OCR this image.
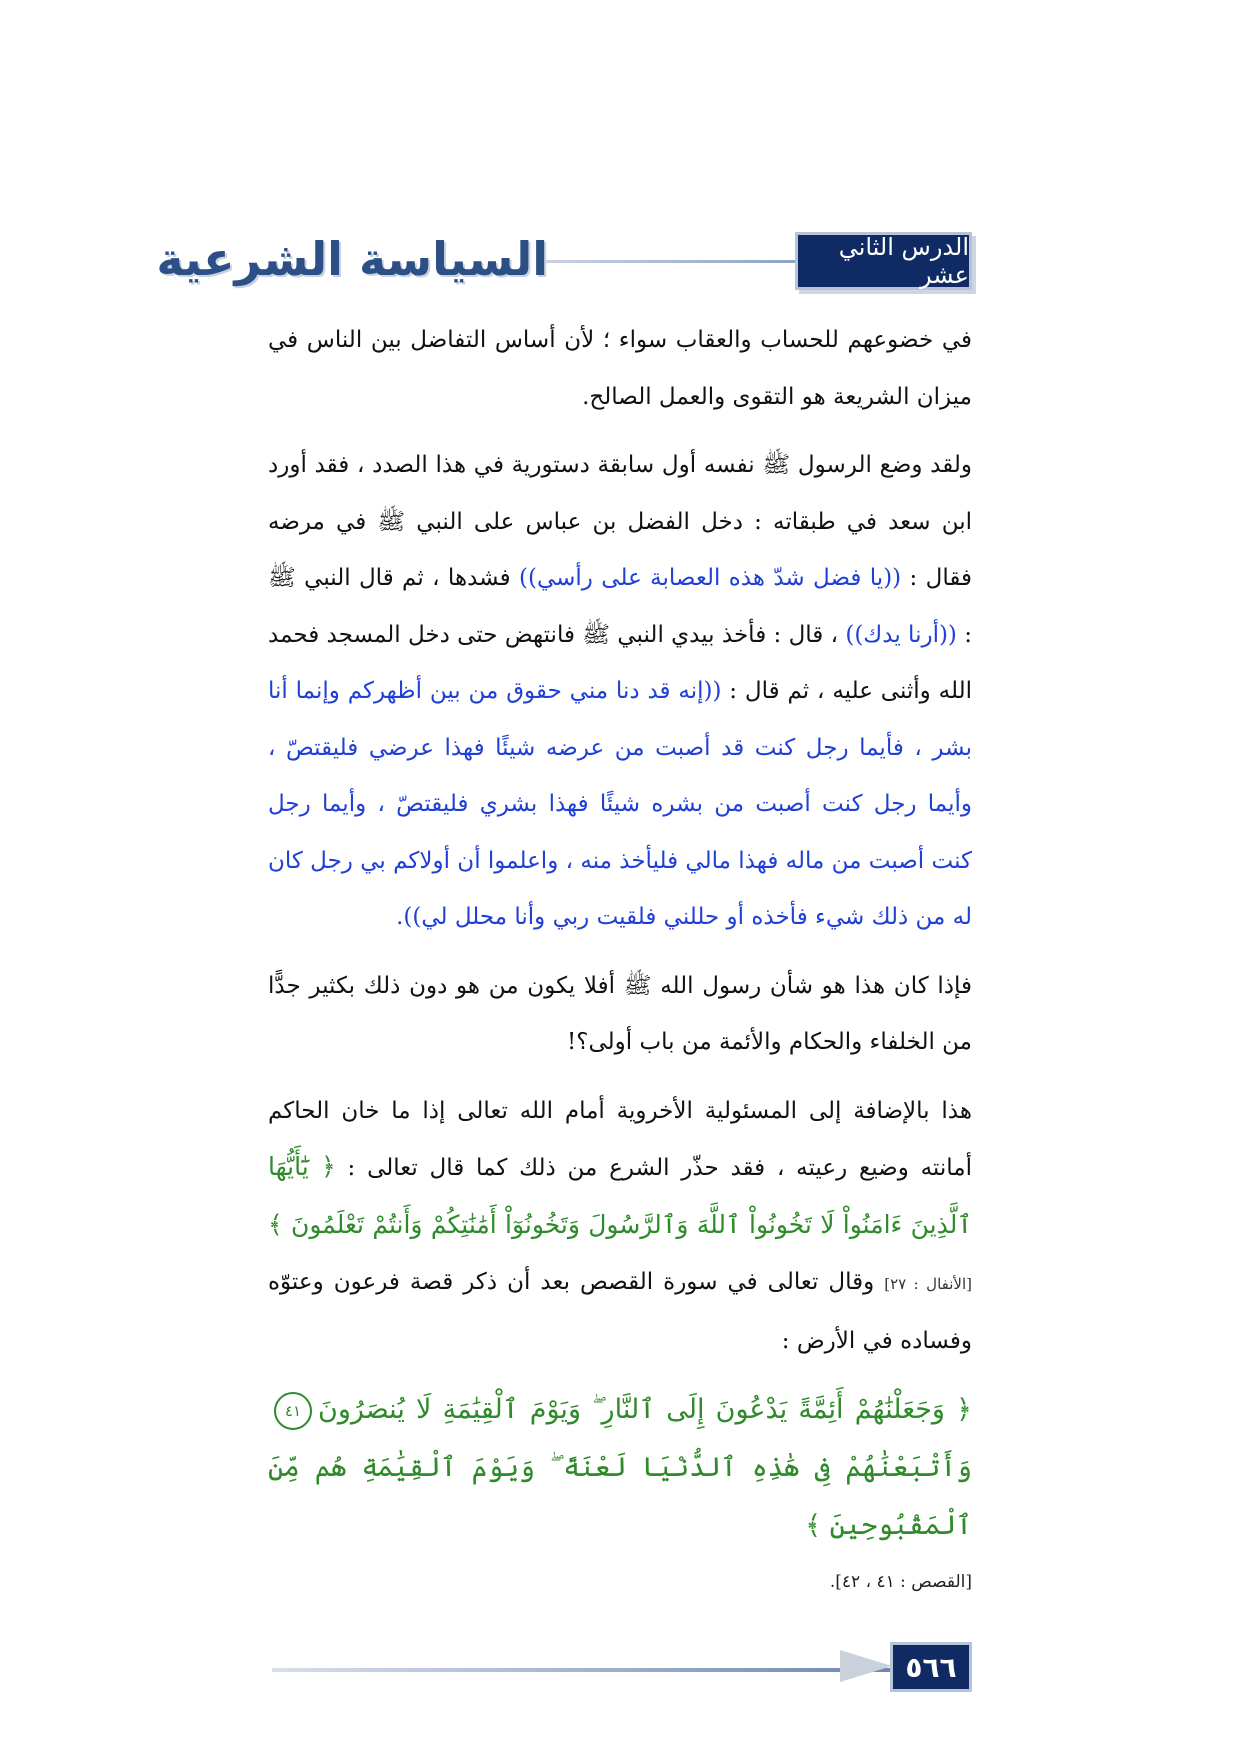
الدرس الثاني عشر
السياسة الشرعية

في خضوعهم للحساب والعقاب سواء ؛ لأن أساس التفاضل بين الناس في ميزان الشريعة هو التقوى والعمل الصالح.

ولقد وضع الرسول ﷺ نفسه أول سابقة دستورية في هذا الصدد ، فقد أورد ابن سعد في طبقاته : دخل الفضل بن عباس على النبي ﷺ في مرضه فقال : ((يا فضل شدّ هذه العصابة على رأسي)) فشدها ، ثم قال النبي ﷺ : ((أرنا يدك)) ، قال : فأخذ بيدي النبي ﷺ فانتهض حتى دخل المسجد فحمد الله وأثنى عليه ، ثم قال : ((إنه قد دنا مني حقوق من بين أظهركم وإنما أنا بشر ، فأيما رجل كنت قد أصبت من عرضه شيئًا فهذا عرضي فليقتصّ ، وأيما رجل كنت أصبت من بشره شيئًا فهذا بشري فليقتصّ ، وأيما رجل كنت أصبت من ماله فهذا مالي فليأخذ منه ، واعلموا أن أولاكم بي رجل كان له من ذلك شيء فأخذه أو حللني فلقيت ربي وأنا محلل لي)).

فإذا كان هذا هو شأن رسول الله ﷺ أفلا يكون من هو دون ذلك بكثير جدًّا من الخلفاء والحكام والأئمة من باب أولى؟!

هذا بالإضافة إلى المسئولية الأخروية أمام الله تعالى إذا ما خان الحاكم أمانته وضيع رعيته ، فقد حذّر الشرع من ذلك كما قال تعالى : ﴿ يَٰٓأَيُّهَا ٱلَّذِينَ ءَامَنُواْ لَا تَخُونُواْ ٱللَّهَ وَٱلرَّسُولَ وَتَخُونُوٓاْ أَمَٰنَٰتِكُمْ وَأَنتُمْ تَعْلَمُونَ ﴾ [الأنفال : ٢٧] وقال تعالى في سورة القصص بعد أن ذكر قصة فرعون وعتوّه وفساده في الأرض :

﴿ وَجَعَلْنَٰهُمْ أَئِمَّةً يَدْعُونَ إِلَى ٱلنَّارِ ۖ وَيَوْمَ ٱلْقِيَٰمَةِ لَا يُنصَرُونَ٤١وَأَتْبَعْنَٰهُمْ فِى هَٰذِهِ ٱلدُّنْيَا لَعْنَةً ۖ وَيَوْمَ ٱلْقِيَٰمَةِ هُم مِّنَ ٱلْمَقْبُوحِينَ ﴾

[القصص : ٤١ ، ٤٢].
٥٦٦
